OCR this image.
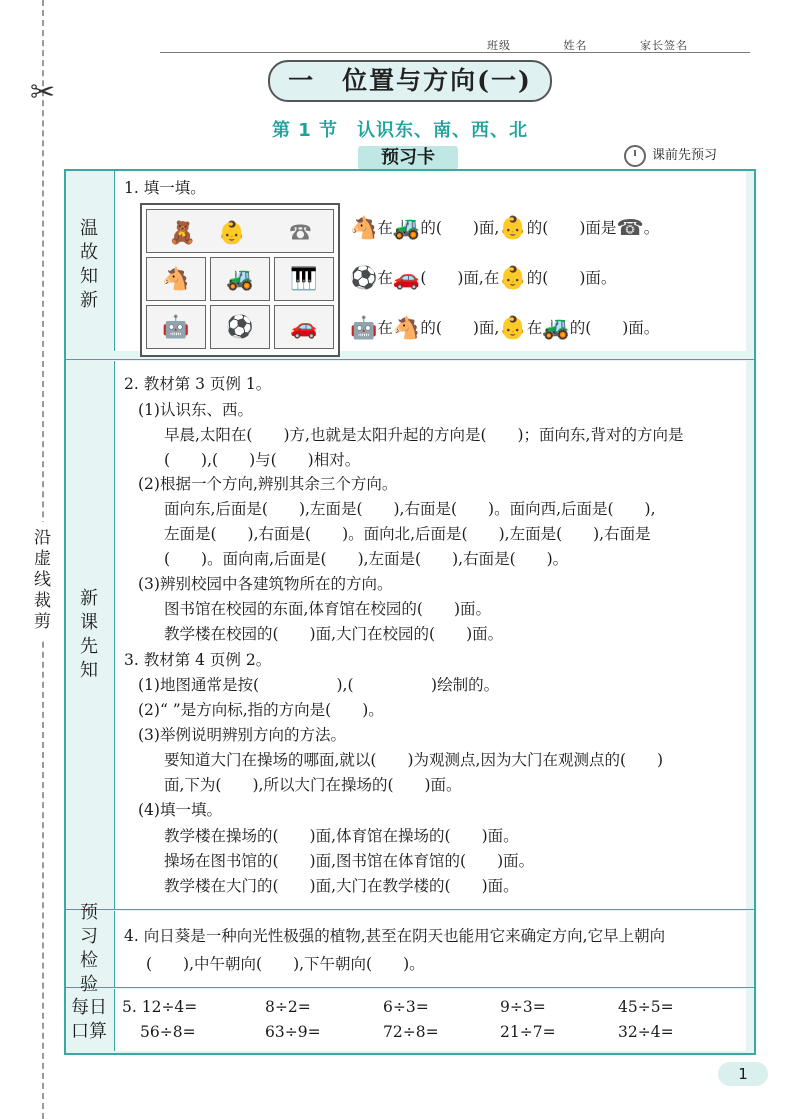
✂
沿虚线裁剪
班级	姓名	家长签名
一　位置与方向(一)
第 1 节　认识东、南、西、北
预习卡	课前先预习
温故知新
新课先知
预习检验
每日口算
1. 填一填。
🧸　👶　　☎
🐴	🚜	🎹
🤖	⚽	🚗
🐴在🚜的(　　)面,👶的(　　)面是☎。
⚽在🚗(　　)面,在👶的(　　)面。
🤖在🐴的(　　)面,👶在🚜的(　　)面。
2. 教材第 3 页例 1。
(1)认识东、西。
早晨,太阳在(　　)方,也就是太阳升起的方向是(　　)；面向东,背对的方向是
(　　),(　　)与(　　)相对。
(2)根据一个方向,辨别其余三个方向。
面向东,后面是(　　),左面是(　　),右面是(　　)。面向西,后面是(　　),
左面是(　　),右面是(　　)。面向北,后面是(　　),左面是(　　),右面是
(　　)。面向南,后面是(　　),左面是(　　),右面是(　　)。
(3)辨别校园中各建筑物所在的方向。
图书馆在校园的东面,体育馆在校园的(　　)面。
教学楼在校园的(　　)面,大门在校园的(　　)面。
3. 教材第 4 页例 2。
(1)地图通常是按(　　　　　),(　　　　　)绘制的。
(2)“ ”是方向标,指的方向是(　　)。
(3)举例说明辨别方向的方法。
要知道大门在操场的哪面,就以(　　)为观测点,因为大门在观测点的(　　)
面,下为(　　),所以大门在操场的(　　)面。
(4)填一填。
教学楼在操场的(　　)面,体育馆在操场的(　　)面。
操场在图书馆的(　　)面,图书馆在体育馆的(　　)面。
教学楼在大门的(　　)面,大门在教学楼的(　　)面。
4. 向日葵是一种向光性极强的植物,甚至在阴天也能用它来确定方向,它早上朝向
(　　),中午朝向(　　),下午朝向(　　)。
5. 12÷4=	8÷2=	6÷3=	9÷3=	45÷5=
56÷8=	63÷9=	72÷8=	21÷7=	32÷4=
1
